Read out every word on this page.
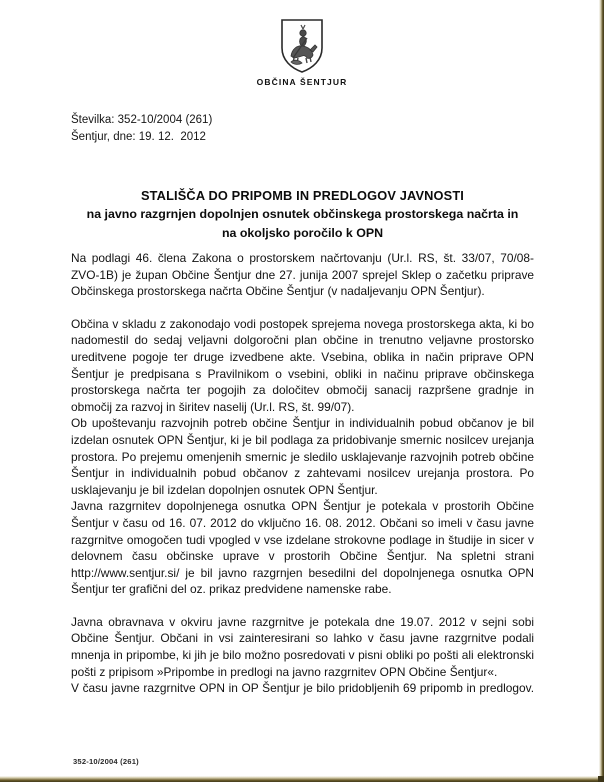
OBČINA ŠENTJUR
Številka: 352-10/2004 (261)
Šentjur, dne: 19. 12.  2012
STALIŠČA DO PRIPOMB IN PREDLOGOV JAVNOSTI
na javno razgrnjen dopolnjen osnutek občinskega prostorskega načrta in
na okoljsko poročilo k OPN

Na podlagi 46. člena Zakona o prostorskem načrtovanju (Ur.l. RS, št. 33/07, 70/08-ZVO-1B) je župan Občine Šentjur dne 27. junija 2007 sprejel Sklep o začetku priprave Občinskega prostorskega načrta Občine Šentjur (v nadaljevanju OPN Šentjur).

Občina v skladu z zakonodajo vodi postopek sprejema novega prostorskega akta, ki bo nadomestil do sedaj veljavni dolgoročni plan občine in trenutno veljavne prostorsko ureditvene pogoje ter druge izvedbene akte. Vsebina, oblika in način priprave OPN Šentjur je predpisana s Pravilnikom o vsebini, obliki in načinu priprave občinskega prostorskega načrta ter pogojih za določitev območij sanacij razpršene gradnje in območij za razvoj in širitev naselij (Ur.l. RS, št. 99/07).

Ob upoštevanju razvojnih potreb občine Šentjur in individualnih pobud občanov je bil izdelan osnutek OPN Šentjur, ki je bil podlaga za pridobivanje smernic nosilcev urejanja prostora. Po prejemu omenjenih smernic je sledilo usklajevanje razvojnih potreb občine Šentjur in individualnih pobud občanov z zahtevami nosilcev urejanja prostora. Po usklajevanju je bil izdelan dopolnjen osnutek OPN Šentjur.

Javna razgrnitev dopolnjenega osnutka OPN Šentjur je potekala v prostorih Občine Šentjur v času od 16. 07. 2012 do vključno 16. 08. 2012. Občani so imeli v času javne razgrnitve omogočen tudi vpogled v vse izdelane strokovne podlage in študije in sicer v delovnem času občinske uprave v prostorih Občine Šentjur. Na spletni strani http://www.sentjur.si/ je bil javno razgrnjen besedilni del dopolnjenega osnutka OPN Šentjur ter grafični del oz. prikaz predvidene namenske rabe.

Javna obravnava v okviru javne razgrnitve je potekala dne 19.07. 2012 v sejni sobi Občine Šentjur. Občani in vsi zainteresirani so lahko v času javne razgrnitve podali mnenja in pripombe, ki jih je bilo možno posredovati v pisni obliki po pošti ali elektronski pošti z pripisom »Pripombe in predlogi na javno razgrnitev OPN Občine Šentjur«.

V času javne razgrnitve OPN in OP Šentjur je bilo pridobljenih 69 pripomb in predlogov.

352-10/2004 (261)
